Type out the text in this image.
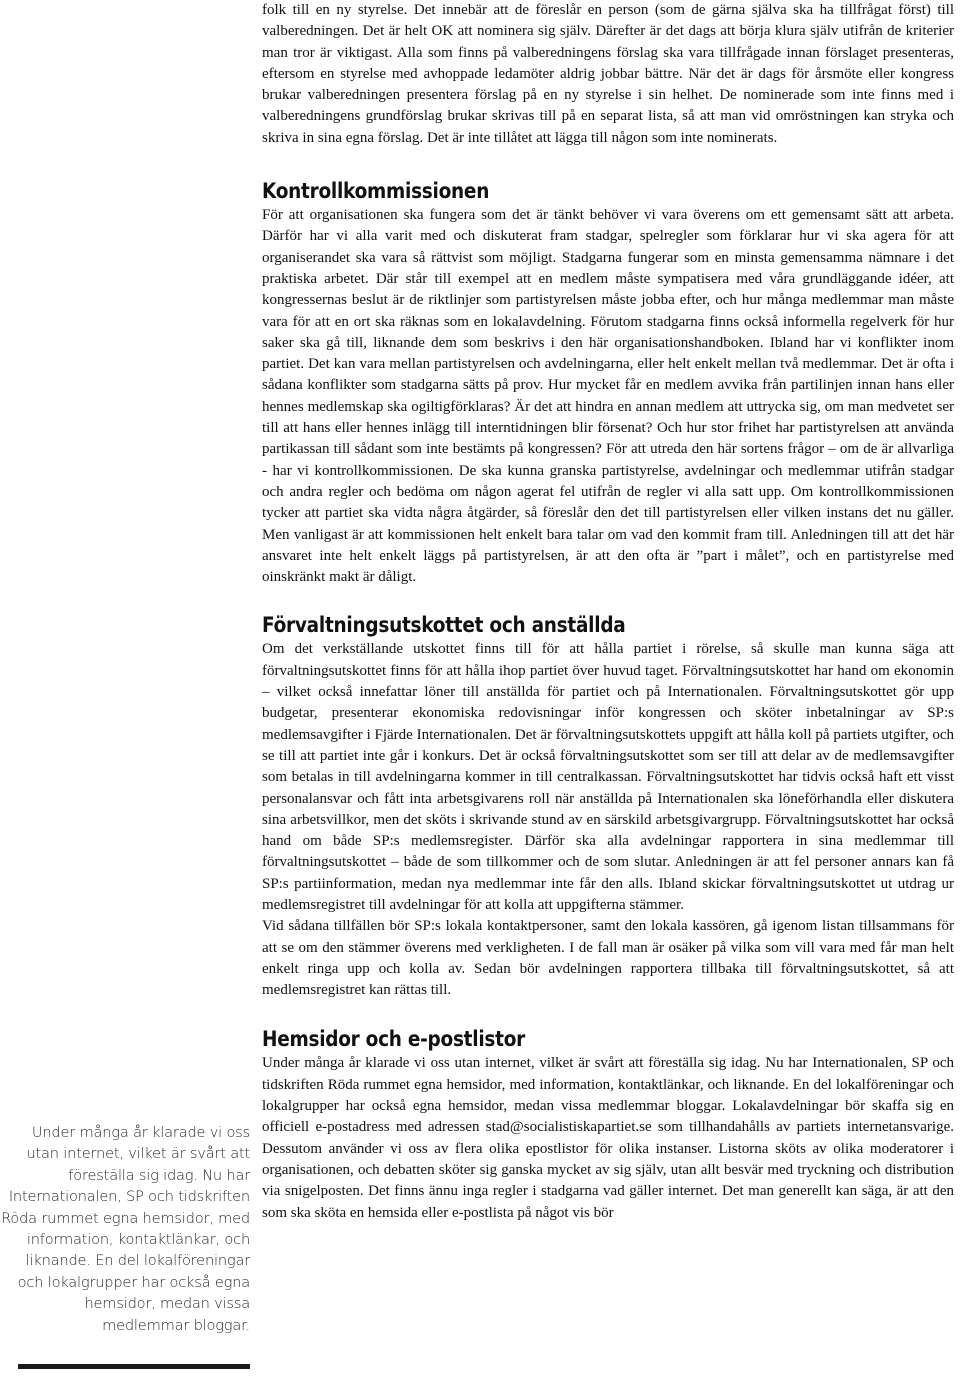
folk till en ny styrelse. Det innebär att de föreslår en person (som de gärna själva ska ha tillfrågat först) till valberedningen. Det är helt OK att nominera sig själv. Därefter är det dags att börja klura själv utifrån de kriterier man tror är viktigast. Alla som finns på valberedningens förslag ska vara tillfrågade innan förslaget presenteras, eftersom en styrelse med avhoppade ledamöter aldrig jobbar bättre. När det är dags för årsmöte eller kongress brukar valberedningen presentera förslag på en ny styrelse i sin helhet. De nominerade som inte finns med i valberedningens grundförslag brukar skrivas till på en separat lista, så att man vid omröstningen kan stryka och skriva in sina egna förslag. Det är inte tillåtet att lägga till någon som inte nominerats.

Kontrollkommissionen

För att organisationen ska fungera som det är tänkt behöver vi vara överens om ett gemensamt sätt att arbeta. Därför har vi alla varit med och diskuterat fram stadgar, spelregler som förklarar hur vi ska agera för att organiserandet ska vara så rättvist som möjligt. Stadgarna fungerar som en minsta gemensamma nämnare i det praktiska arbetet. Där står till exempel att en medlem måste sympatisera med våra grundläggande idéer, att kongressernas beslut är de riktlinjer som partistyrelsen måste jobba efter, och hur många medlemmar man måste vara för att en ort ska räknas som en lokalavdelning. Förutom stadgarna finns också informella regelverk för hur saker ska gå till, liknande dem som beskrivs i den här organisationshandboken. Ibland har vi konflikter inom partiet. Det kan vara mellan partistyrelsen och avdelningarna, eller helt enkelt mellan två medlemmar. Det är ofta i sådana konflikter som stadgarna sätts på prov. Hur mycket får en medlem avvika från partilinjen innan hans eller hennes medlemskap ska ogiltigförklaras? Är det att hindra en annan medlem att uttrycka sig, om man medvetet ser till att hans eller hennes inlägg till interntidningen blir försenat? Och hur stor frihet har partistyrelsen att använda partikassan till sådant som inte bestämts på kongressen? För att utreda den här sortens frågor – om de är allvarliga - har vi kontrollkommissionen. De ska kunna granska partistyrelse, avdelningar och medlemmar utifrån stadgar och andra regler och bedöma om någon agerat fel utifrån de regler vi alla satt upp. Om kontrollkommissionen tycker att partiet ska vidta några åtgärder, så föreslår den det till partistyrelsen eller vilken instans det nu gäller. Men vanligast är att kommissionen helt enkelt bara talar om vad den kommit fram till. Anledningen till att det här ansvaret inte helt enkelt läggs på partistyrelsen, är att den ofta är ”part i målet”, och en partistyrelse med oinskränkt makt är dåligt.

Förvaltningsutskottet och anställda

Om det verkställande utskottet finns till för att hålla partiet i rörelse, så skulle man kunna säga att förvaltningsutskottet finns för att hålla ihop partiet över huvud taget. Förvaltningsutskottet har hand om ekonomin – vilket också innefattar löner till anställda för partiet och på Internationalen. Förvaltningsutskottet gör upp budgetar, presenterar ekonomiska redovisningar inför kongressen och sköter inbetalningar av SP:s medlemsavgifter i Fjärde Internationalen. Det är förvaltningsutskottets uppgift att hålla koll på partiets utgifter, och se till att partiet inte går i konkurs. Det är också förvaltningsutskottet som ser till att delar av de medlemsavgifter som betalas in till avdelningarna kommer in till centralkassan. Förvaltningsutskottet har tidvis också haft ett visst personalansvar och fått inta arbetsgivarens roll när anställda på Internationalen ska löneförhandla eller diskutera sina arbetsvillkor, men det sköts i skrivande stund av en särskild arbetsgivargrupp. Förvaltningsutskottet har också hand om både SP:s medlemsregister. Därför ska alla avdelningar rapportera in sina medlemmar till förvaltningsutskottet – både de som tillkommer och de som slutar. Anledningen är att fel personer annars kan få SP:s partiinformation, medan nya medlemmar inte får den alls. Ibland skickar förvaltningsutskottet ut utdrag ur medlemsregistret till avdelningar för att kolla att uppgifterna stämmer.

Vid sådana tillfällen bör SP:s lokala kontaktpersoner, samt den lokala kassören, gå igenom listan tillsammans för att se om den stämmer överens med verkligheten. I de fall man är osäker på vilka som vill vara med får man helt enkelt ringa upp och kolla av. Sedan bör avdelningen rapportera tillbaka till förvaltningsutskottet, så att medlemsregistret kan rättas till.

Hemsidor och e-postlistor

Under många år klarade vi oss utan internet, vilket är svårt att föreställa sig idag. Nu har Internationalen, SP och tidskriften Röda rummet egna hemsidor, med information, kontaktlänkar, och liknande. En del lokalföreningar och lokalgrupper har också egna hemsidor, medan vissa medlemmar bloggar. Lokalavdelningar bör skaffa sig en officiell e-postadress med adressen stad@socialistiskapartiet.se som tillhandahålls av partiets internetansvarige. Dessutom använder vi oss av flera olika epostlistor för olika instanser. Listorna sköts av olika moderatorer i organisationen, och debatten sköter sig ganska mycket av sig själv, utan allt besvär med tryckning och distribution via snigelposten. Det finns ännu inga regler i stadgarna vad gäller internet. Det man generellt kan säga, är att den som ska sköta en hemsida eller e-postlista på något vis bör

Under många år klarade vi oss utan internet, vilket är svårt att föreställa sig idag. Nu har Internationalen, SP och tidskriften Röda rummet egna hemsidor, med information, kontaktlänkar, och liknande. En del lokalföreningar och lokalgrupper har också egna hemsidor, medan vissa medlemmar bloggar.
